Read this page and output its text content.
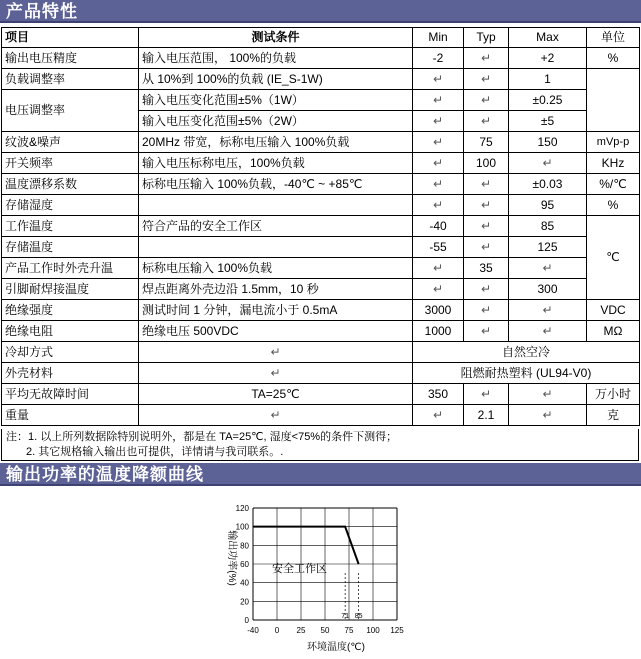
产品特性
项目	测试条件	Min	Typ	Max	单位
输出电压精度	输入电压范围， 100%的负载	-2	↵	+2	%
负载调整率	从 10%到 100%的负载 (IE_S-1W)	↵	↵	1	
电压调整率	输入电压变化范围±5%（1W）	↵	↵	±0.25	
	输入电压变化范围±5%（2W）	↵	↵	±5	
纹波&噪声	20MHz 带宽，标称电压输入 100%负载	↵	75	150	mVp-p
开关频率	输入电压标称电压，100%负载	↵	100	↵	KHz
温度漂移系数	标称电压输入 100%负载，-40℃ ~ +85℃	↵	↵	±0.03	%/℃
存储湿度		↵	↵	95	%
工作温度	符合产品的安全工作区	-40	↵	85	℃
存储温度		-55	↵	125	
产品工作时外壳升温	标称电压输入 100%负载	↵	35	↵	
引脚耐焊接温度	焊点距离外壳边沿 1.5mm，10 秒	↵	↵	300	
绝缘强度	测试时间 1 分钟，漏电流小于 0.5mA	3000	↵	↵	VDC
绝缘电阻	绝缘电压 500VDC	1000	↵	↵	MΩ
冷却方式	↵	自然空冷			
外壳材料	↵	阻燃耐热塑料 (UL94-V0)			
平均无故障时间	TA=25℃	350	↵	↵	万小时
重量	↵	↵	2.1	↵	克
注：1. 以上所列数据除特别说明外，都是在 TA=25℃, 湿度<75%的条件下测得；
2. 其它规格输入输出也可提供，详情请与我司联系。.
输出功率的温度降额曲线
0
20
40
60
80
100
120
-40 0 25 50 75 100 125
71 85
安全工作区
环境温度(℃)
输出功率(%)
